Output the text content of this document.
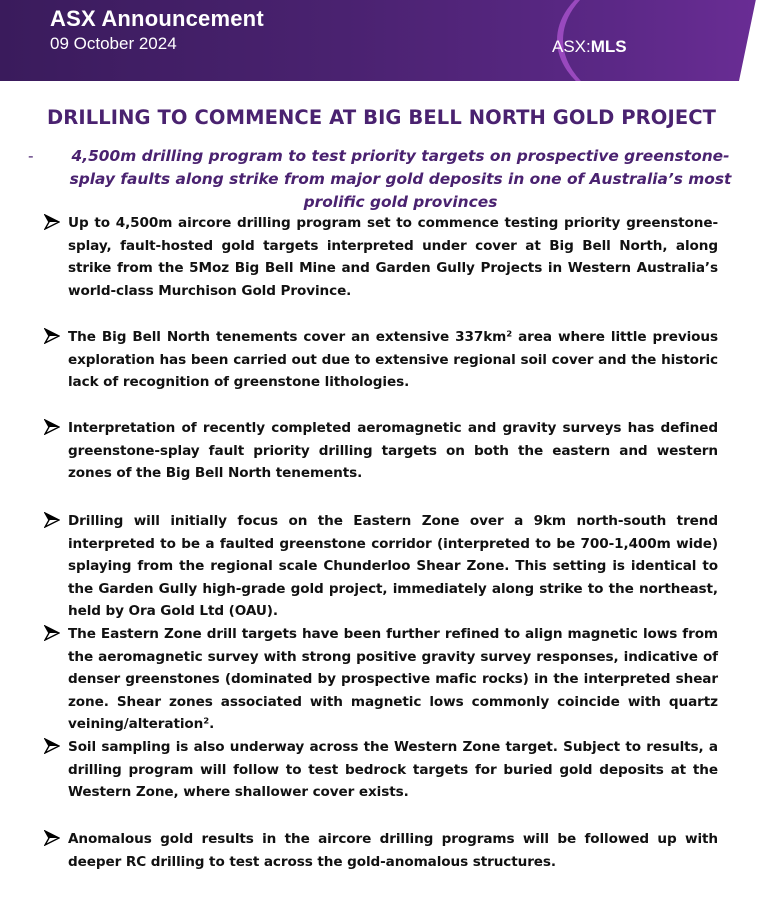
ASX Announcement
09 October 2024	ASX:MLS
DRILLING TO COMMENCE AT BIG BELL NORTH GOLD PROJECT
-	4,500m drilling program to test priority targets on prospective greenstone-splay faults along strike from major gold deposits in one of Australia’s most prolific gold provinces
Up to 4,500m aircore drilling program set to commence testing priority greenstone-splay, fault-hosted gold targets interpreted under cover at Big Bell North, along strike from the 5Moz Big Bell Mine and Garden Gully Projects in Western Australia’s world-class Murchison Gold Province.
The Big Bell North tenements cover an extensive 337km² area where little previous exploration has been carried out due to extensive regional soil cover and the historic lack of recognition of greenstone lithologies.
Interpretation of recently completed aeromagnetic and gravity surveys has defined greenstone-splay fault priority drilling targets on both the eastern and western zones of the Big Bell North tenements.
Drilling will initially focus on the Eastern Zone over a 9km north-south trend interpreted to be a faulted greenstone corridor (interpreted to be 700-1,400m wide) splaying from the regional scale Chunderloo Shear Zone. This setting is identical to the Garden Gully high-grade gold project, immediately along strike to the northeast, held by Ora Gold Ltd (OAU).
The Eastern Zone drill targets have been further refined to align magnetic lows from the aeromagnetic survey with strong positive gravity survey responses, indicative of denser greenstones (dominated by prospective mafic rocks) in the interpreted shear zone. Shear zones associated with magnetic lows commonly coincide with quartz veining/alteration².
Soil sampling is also underway across the Western Zone target. Subject to results, a drilling program will follow to test bedrock targets for buried gold deposits at the Western Zone, where shallower cover exists.
Anomalous gold results in the aircore drilling programs will be followed up with deeper RC drilling to test across the gold-anomalous structures.
